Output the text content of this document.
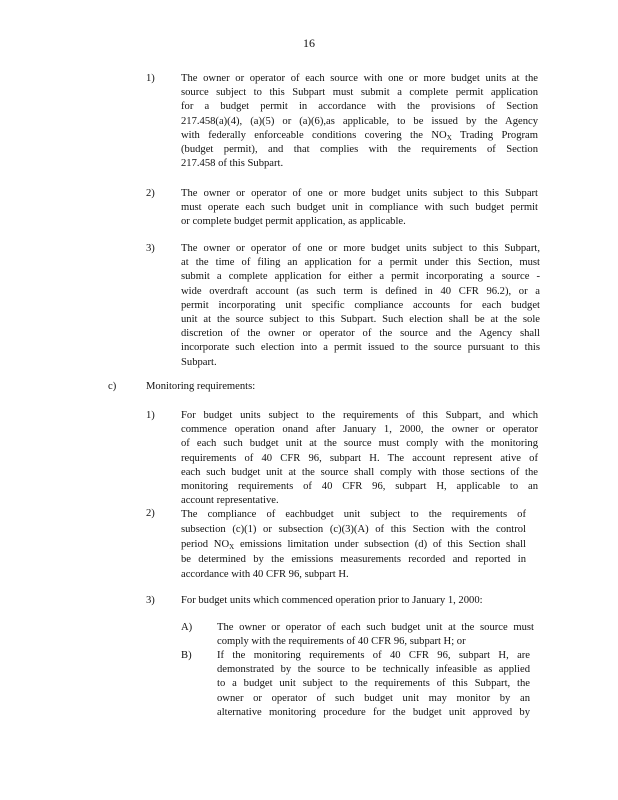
16
1) The owner or operator of each source with one or more budget units at the
source subject to this Subpart must submit a complete permit application
for a budget permit in accordance with the provisions of Section
217.458(a)(4), (a)(5) or (a)(6),as applicable, to be issued by the Agency
with federally enforceable conditions covering the $NO_X$ Trading Program
(budget permit), and that complies with the requirements of Section
217.458 of this Subpart.
2) The owner or operator of one or more budget units subject to this Subpart
must operate each such budget unit in compliance with such budget permit
or complete budget permit application, as applicable.
3) The owner or operator of one or more budget units subject to this Subpart,
at the time of filing an application for a permit under this Section, must
submit a complete application for either a permit incorporating a source -
wide overdraft account (as such term is defined in 40 CFR 96.2), or a
permit incorporating unit specific compliance accounts for each budget
unit at the source subject to this Subpart. Such election shall be at the sole
discretion of the owner or operator of the source and the Agency shall
incorporate such election into a permit issued to the source pursuant to this
Subpart.
c)	Monitoring requirements:
1) For budget units subject to the requirements of this Subpart, and which
commence operation onand after January 1, 2000, the owner or operator
of each such budget unit at the source must comply with the monitoring
requirements of 40 CFR 96, subpart H. The account represent ative of
each such budget unit at the source shall comply with those sections of the
monitoring requirements of 40 CFR 96, subpart H, applicable to an
account representative.
2) The compliance of eachbudget unit subject to the requirements of
subsection (c)(1) or subsection (c)(3)(A) of this Section with the control
period $NO_X$ emissions limitation under subsection (d) of this Section shall
be determined by the emissions measurements recorded and reported in
accordance with 40 CFR 96, subpart H.
3) For budget units which commenced operation prior to January 1, 2000:
A) The owner or operator of each such budget unit at the source must
comply with the requirements of 40 CFR 96, subpart H; or
B) If the monitoring requirements of 40 CFR 96, subpart H, are
demonstrated by the source to be technically infeasible as applied
to a budget unit subject to the requirements of this Subpart, the
owner or operator of such budget unit may monitor by an
alternative monitoring procedure for the budget unit approved by
